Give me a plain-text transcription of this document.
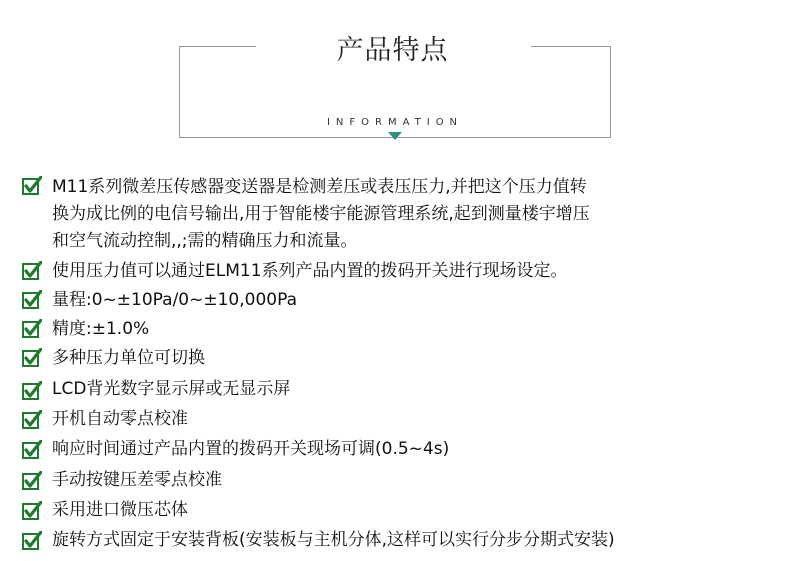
产品特点
INFORMATION
M11系列微差压传感器变送器是检测差压或表压压力,并把这个压力值转
换为成比例的电信号输出,用于智能楼宇能源管理系统,起到测量楼宇增压
和空气流动控制,,;需的精确压力和流量。
使用压力值可以通过ELM11系列产品内置的拨码开关进行现场设定。
量程:0~±10Pa/0~±10,000Pa
精度:±1.0%
多种压力单位可切换
LCD背光数字显示屏或无显示屏
开机自动零点校准
响应时间通过产品内置的拨码开关现场可调(0.5~4s)
手动按键压差零点校准
采用进口微压芯体
旋转方式固定于安装背板(安装板与主机分体,这样可以实行分步分期式安装)
